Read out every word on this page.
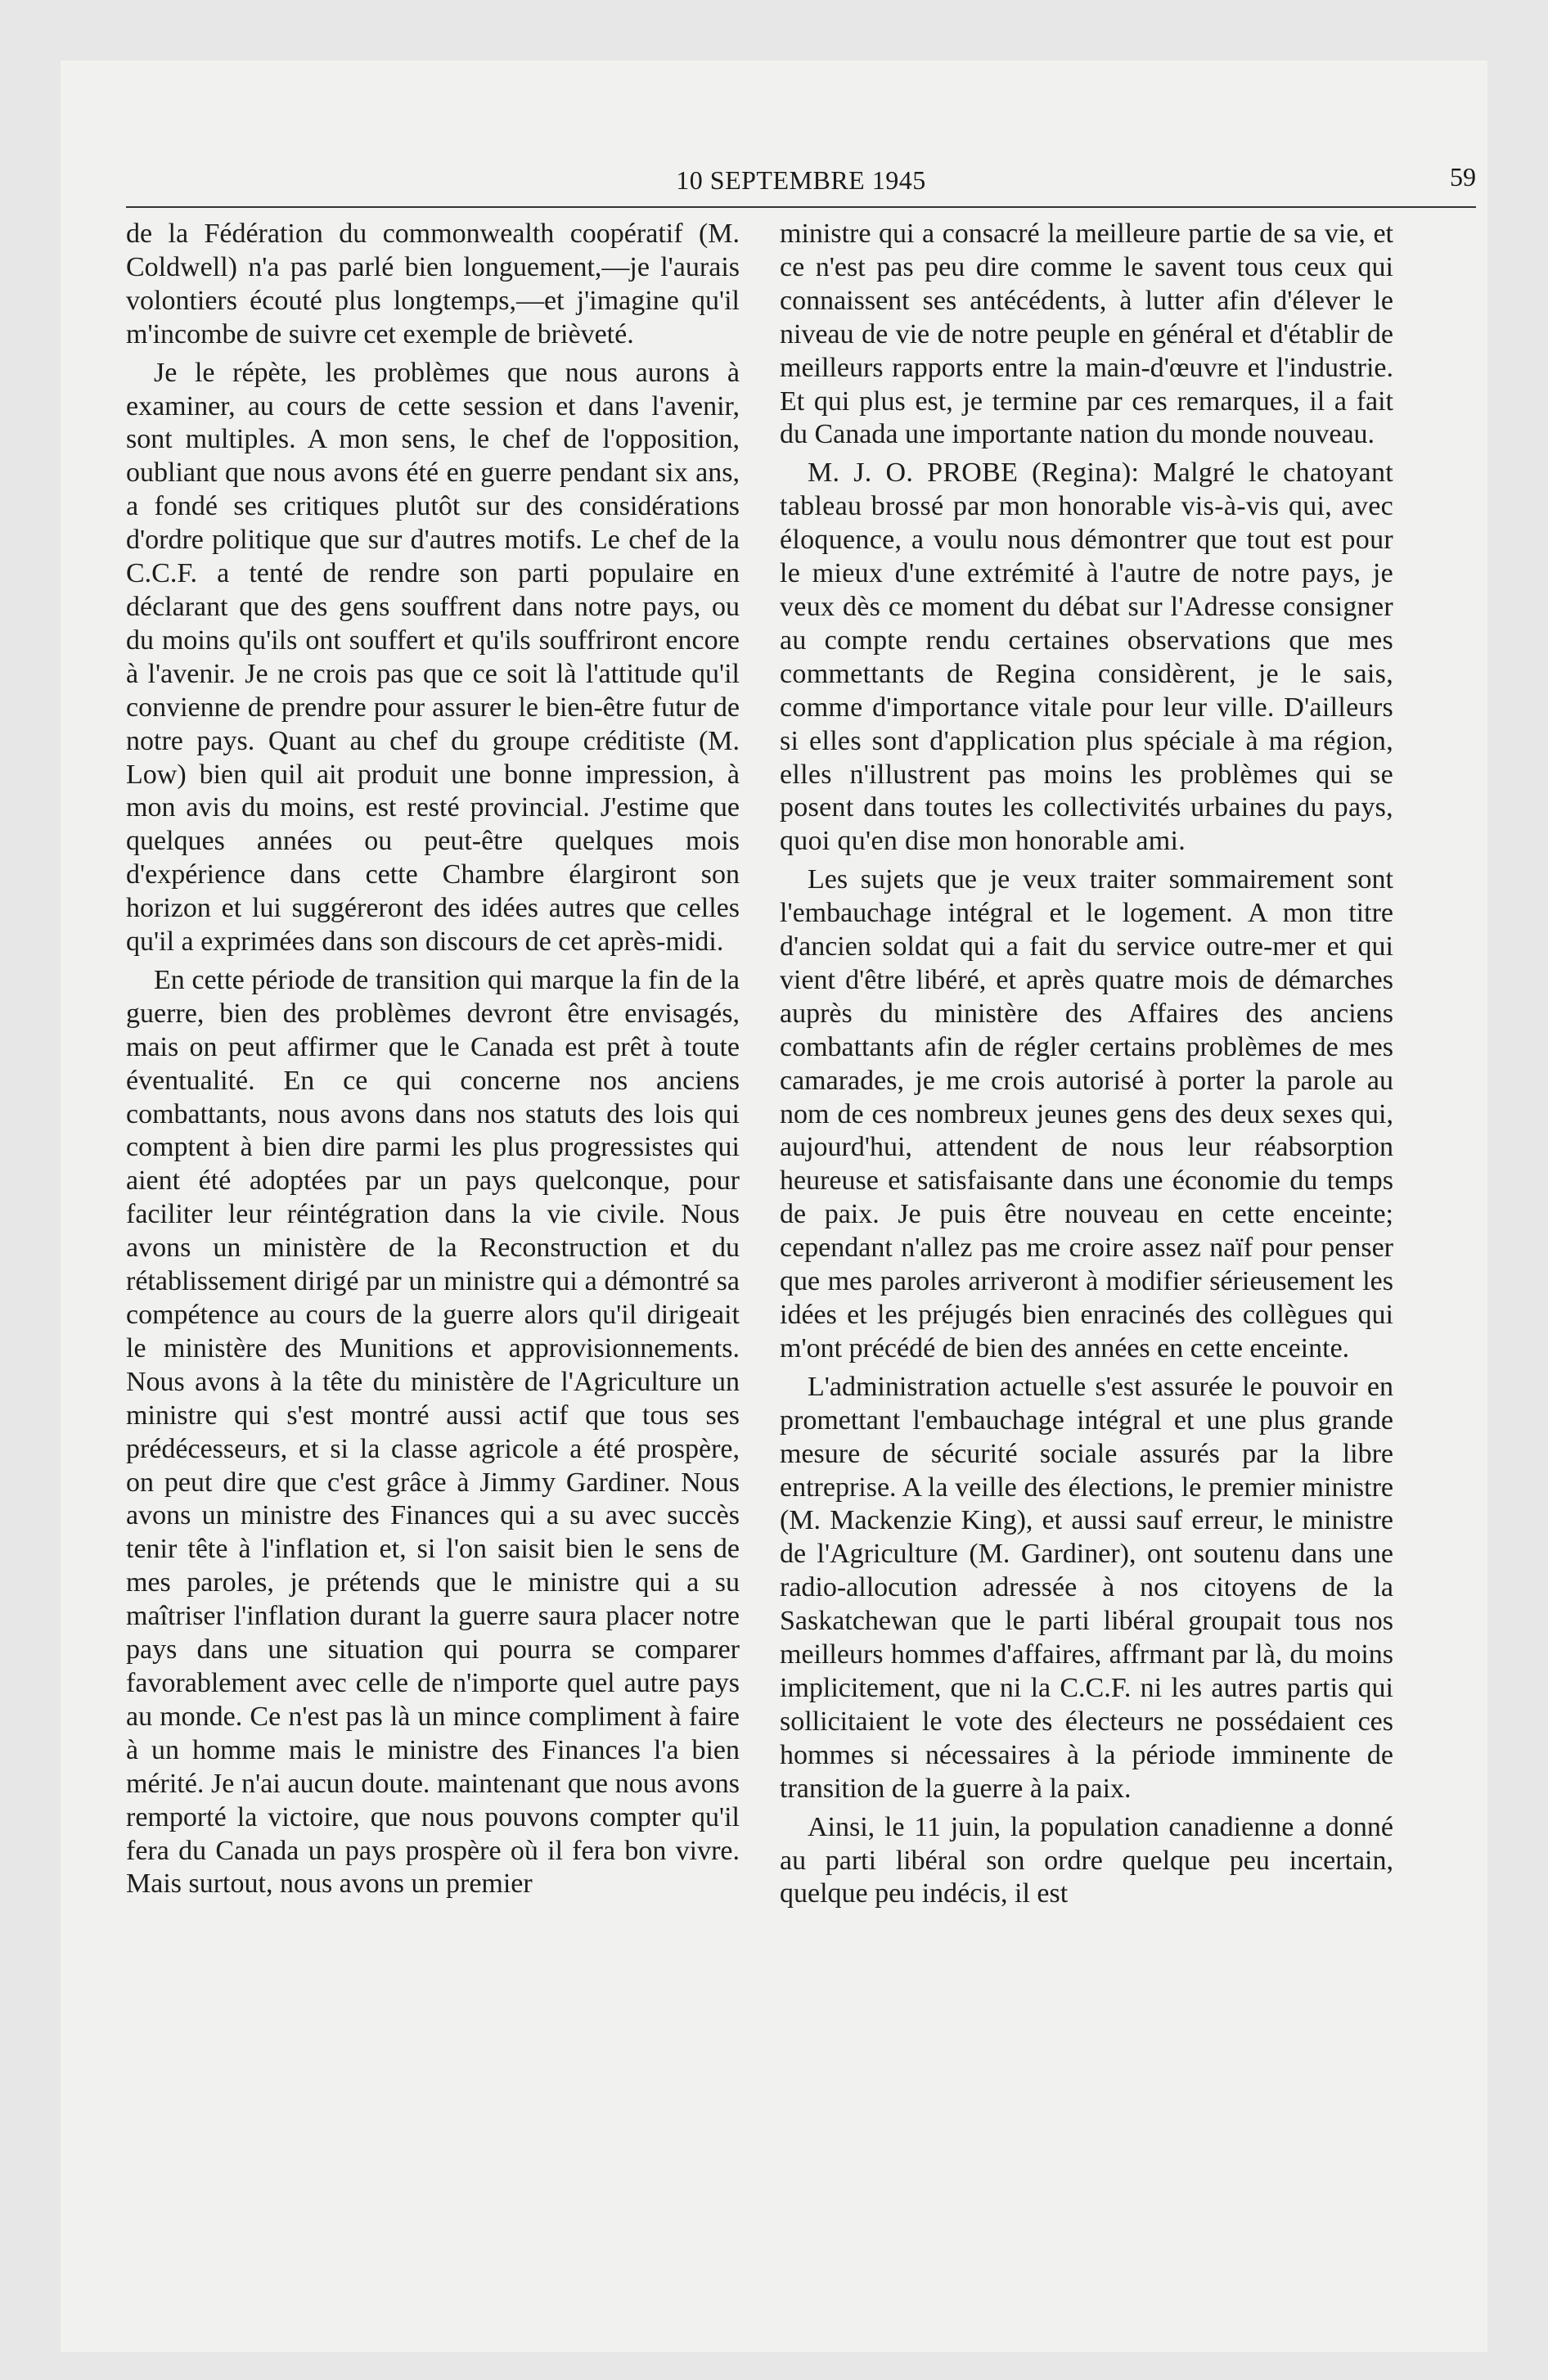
10 SEPTEMBRE 1945	59

de la Fédération du commonwealth coopératif (M. Coldwell) n'a pas parlé bien longuement,—je l'aurais volontiers écouté plus longtemps,—et j'imagine qu'il m'incombe de suivre cet exemple de brièveté.

Je le répète, les problèmes que nous aurons à examiner, au cours de cette session et dans l'avenir, sont multiples. A mon sens, le chef de l'opposition, oubliant que nous avons été en guerre pendant six ans, a fondé ses critiques plutôt sur des considérations d'ordre politique que sur d'autres motifs. Le chef de la C.C.F. a tenté de rendre son parti populaire en déclarant que des gens souffrent dans notre pays, ou du moins qu'ils ont souffert et qu'ils souffriront encore à l'avenir. Je ne crois pas que ce soit là l'attitude qu'il convienne de prendre pour assurer le bien-être futur de notre pays. Quant au chef du groupe créditiste (M. Low) bien quil ait produit une bonne impression, à mon avis du moins, est resté provincial. J'estime que quelques années ou peut-être quelques mois d'expérience dans cette Chambre élargiront son horizon et lui suggéreront des idées autres que celles qu'il a exprimées dans son discours de cet après-midi.

En cette période de transition qui marque la fin de la guerre, bien des problèmes devront être envisagés, mais on peut affirmer que le Canada est prêt à toute éventualité. En ce qui concerne nos anciens combattants, nous avons dans nos statuts des lois qui comptent à bien dire parmi les plus progressistes qui aient été adoptées par un pays quelconque, pour faciliter leur réintégration dans la vie civile. Nous avons un ministère de la Reconstruction et du rétablissement dirigé par un ministre qui a démontré sa compétence au cours de la guerre alors qu'il dirigeait le ministère des Munitions et approvisionnements. Nous avons à la tête du ministère de l'Agriculture un ministre qui s'est montré aussi actif que tous ses prédécesseurs, et si la classe agricole a été prospère, on peut dire que c'est grâce à Jimmy Gardiner. Nous avons un ministre des Finances qui a su avec succès tenir tête à l'inflation et, si l'on saisit bien le sens de mes paroles, je prétends que le ministre qui a su maîtriser l'inflation durant la guerre saura placer notre pays dans une situation qui pourra se comparer favorablement avec celle de n'importe quel autre pays au monde. Ce n'est pas là un mince compliment à faire à un homme mais le ministre des Finances l'a bien mérité. Je n'ai aucun doute. maintenant que nous avons remporté la victoire, que nous pouvons compter qu'il fera du Canada un pays prospère où il fera bon vivre. Mais surtout, nous avons un premier

ministre qui a consacré la meilleure partie de sa vie, et ce n'est pas peu dire comme le savent tous ceux qui connaissent ses antécédents, à lutter afin d'élever le niveau de vie de notre peuple en général et d'établir de meilleurs rapports entre la main-d'œuvre et l'industrie. Et qui plus est, je termine par ces remarques, il a fait du Canada une importante nation du monde nouveau.

M. J. O. PROBE (Regina): Malgré le chatoyant tableau brossé par mon honorable vis-à-vis qui, avec éloquence, a voulu nous démontrer que tout est pour le mieux d'une extrémité à l'autre de notre pays, je veux dès ce moment du débat sur l'Adresse consigner au compte rendu certaines observations que mes commettants de Regina considèrent, je le sais, comme d'importance vitale pour leur ville. D'ailleurs si elles sont d'application plus spéciale à ma région, elles n'illustrent pas moins les problèmes qui se posent dans toutes les collectivités urbaines du pays, quoi qu'en dise mon honorable ami.

Les sujets que je veux traiter sommairement sont l'embauchage intégral et le logement. A mon titre d'ancien soldat qui a fait du service outre-mer et qui vient d'être libéré, et après quatre mois de démarches auprès du ministère des Affaires des anciens combattants afin de régler certains problèmes de mes camarades, je me crois autorisé à porter la parole au nom de ces nombreux jeunes gens des deux sexes qui, aujourd'hui, attendent de nous leur réabsorption heureuse et satisfaisante dans une économie du temps de paix. Je puis être nouveau en cette enceinte; cependant n'allez pas me croire assez naïf pour penser que mes paroles arriveront à modifier sérieusement les idées et les préjugés bien enracinés des collègues qui m'ont précédé de bien des années en cette enceinte.

L'administration actuelle s'est assurée le pouvoir en promettant l'embauchage intégral et une plus grande mesure de sécurité sociale assurés par la libre entreprise. A la veille des élections, le premier ministre (M. Mackenzie King), et aussi sauf erreur, le ministre de l'Agriculture (M. Gardiner), ont soutenu dans une radio-allocution adressée à nos citoyens de la Saskatchewan que le parti libéral groupait tous nos meilleurs hommes d'affaires, affrmant par là, du moins implicitement, que ni la C.C.F. ni les autres partis qui sollicitaient le vote des électeurs ne possédaient ces hommes si nécessaires à la période imminente de transition de la guerre à la paix.

Ainsi, le 11 juin, la population canadienne a donné au parti libéral son ordre quelque peu incertain, quelque peu indécis, il est
